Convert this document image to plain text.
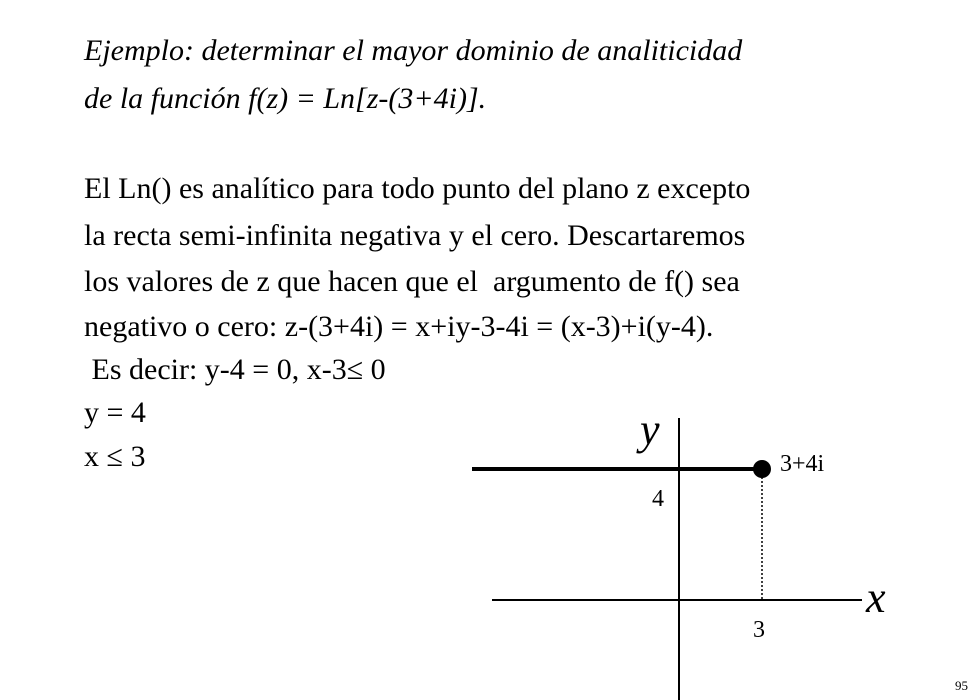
Ejemplo: determinar el mayor dominio de analiticidad
de la función f(z) = Ln[z-(3+4i)].
El Ln() es analítico para todo punto del plano z excepto
la recta semi-infinita negativa y el cero. Descartaremos
los valores de z que hacen que el  argumento de f() sea
negativo o cero: z-(3+4i) = x+iy-3-4i = (x-3)+i(y-4).
Es decir: y-4 = 0, x-3≤ 0
y = 4
x ≤ 3
y
x
4
3
3+4i
95
